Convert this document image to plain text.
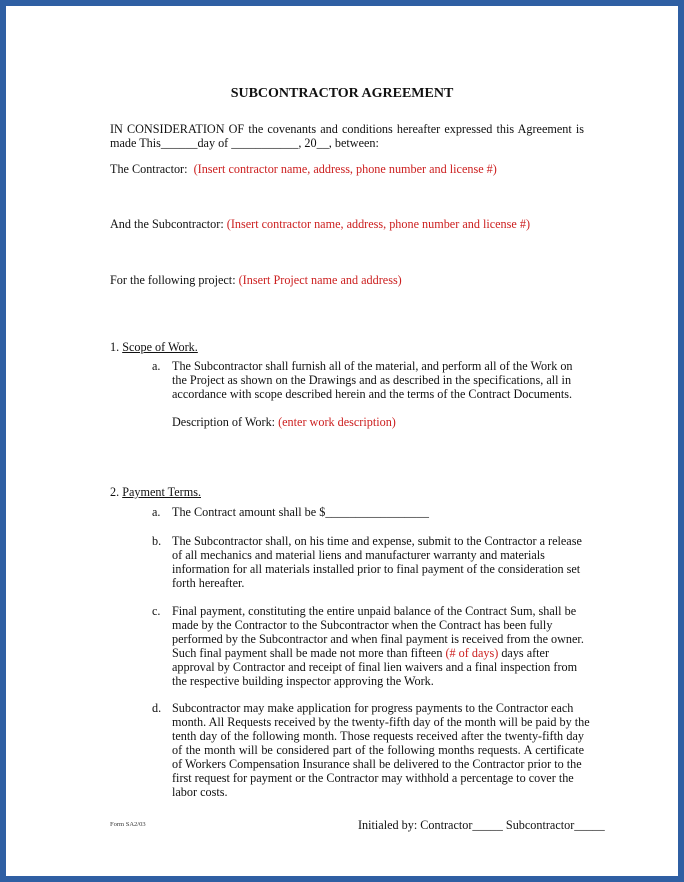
SUBCONTRACTOR AGREEMENT
IN CONSIDERATION OF the covenants and conditions hereafter expressed this Agreement is
made This______day of ___________, 20__, between:
The Contractor: (Insert contractor name, address, phone number and license #)
And the Subcontractor: (Insert contractor name, address, phone number and license #)
For the following project: (Insert Project name and address)
1. Scope of Work.
a. The Subcontractor shall furnish all of the material, and perform all of the Work on
the Project as shown on the Drawings and as described in the specifications, all in
accordance with scope described herein and the terms of the Contract Documents.
Description of Work: (enter work description)
2. Payment Terms.
a. The Contract amount shall be $_________________
b. The Subcontractor shall, on his time and expense, submit to the Contractor a release
of all mechanics and material liens and manufacturer warranty and materials
information for all materials installed prior to final payment of the consideration set
forth hereafter.
c. Final payment, constituting the entire unpaid balance of the Contract Sum, shall be
made by the Contractor to the Subcontractor when the Contract has been fully
performed by the Subcontractor and when final payment is received from the owner.
Such final payment shall be made not more than fifteen (# of days) days after
approval by Contractor and receipt of final lien waivers and a final inspection from
the respective building inspector approving the Work.
d. Subcontractor may make application for progress payments to the Contractor each
month. All Requests received by the twenty-fifth day of the month will be paid by the
tenth day of the following month. Those requests received after the twenty-fifth day
of the month will be considered part of the following months requests. A certificate
of Workers Compensation Insurance shall be delivered to the Contractor prior to the
first request for payment or the Contractor may withhold a percentage to cover the
labor costs.
Form SA2/03	Initialed by: Contractor_____ Subcontractor_____
